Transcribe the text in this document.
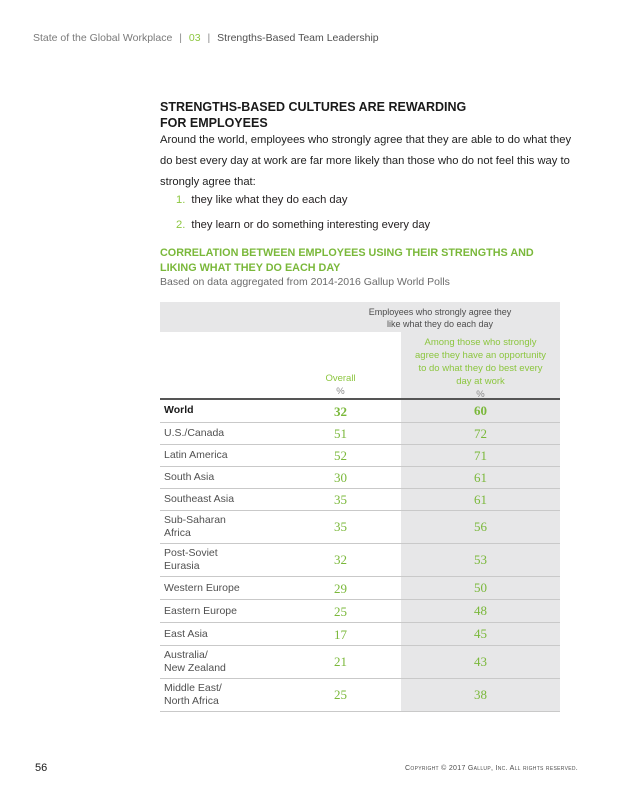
State of the Global Workplace | 03 | Strengths-Based Team Leadership
STRENGTHS-BASED CULTURES ARE REWARDING
FOR EMPLOYEES
Around the world, employees who strongly agree that they are able to do what they do best every day at work are far more likely than those who do not feel this way to strongly agree that:
1. they like what they do each day
2. they learn or do something interesting every day
CORRELATION BETWEEN EMPLOYEES USING THEIR STRENGTHS AND
LIKING WHAT THEY DO EACH DAY
Based on data aggregated from 2014-2016 Gallup World Polls
Employees who strongly agree they
like what they do each day
Overall
%
Among those who strongly
agree they have an opportunity
to do what they do best every
day at work
%
World	32	60
U.S./Canada	51	72
Latin America	52	71
South Asia	30	61
Southeast Asia	35	61
Sub-Saharan
Africa	35	56
Post-Soviet
Eurasia	32	53
Western Europe	29	50
Eastern Europe	25	48
East Asia	17	45
Australia/
New Zealand	21	43
Middle East/
North Africa	25	38
56	Copyright © 2017 Gallup, Inc. All rights reserved.
